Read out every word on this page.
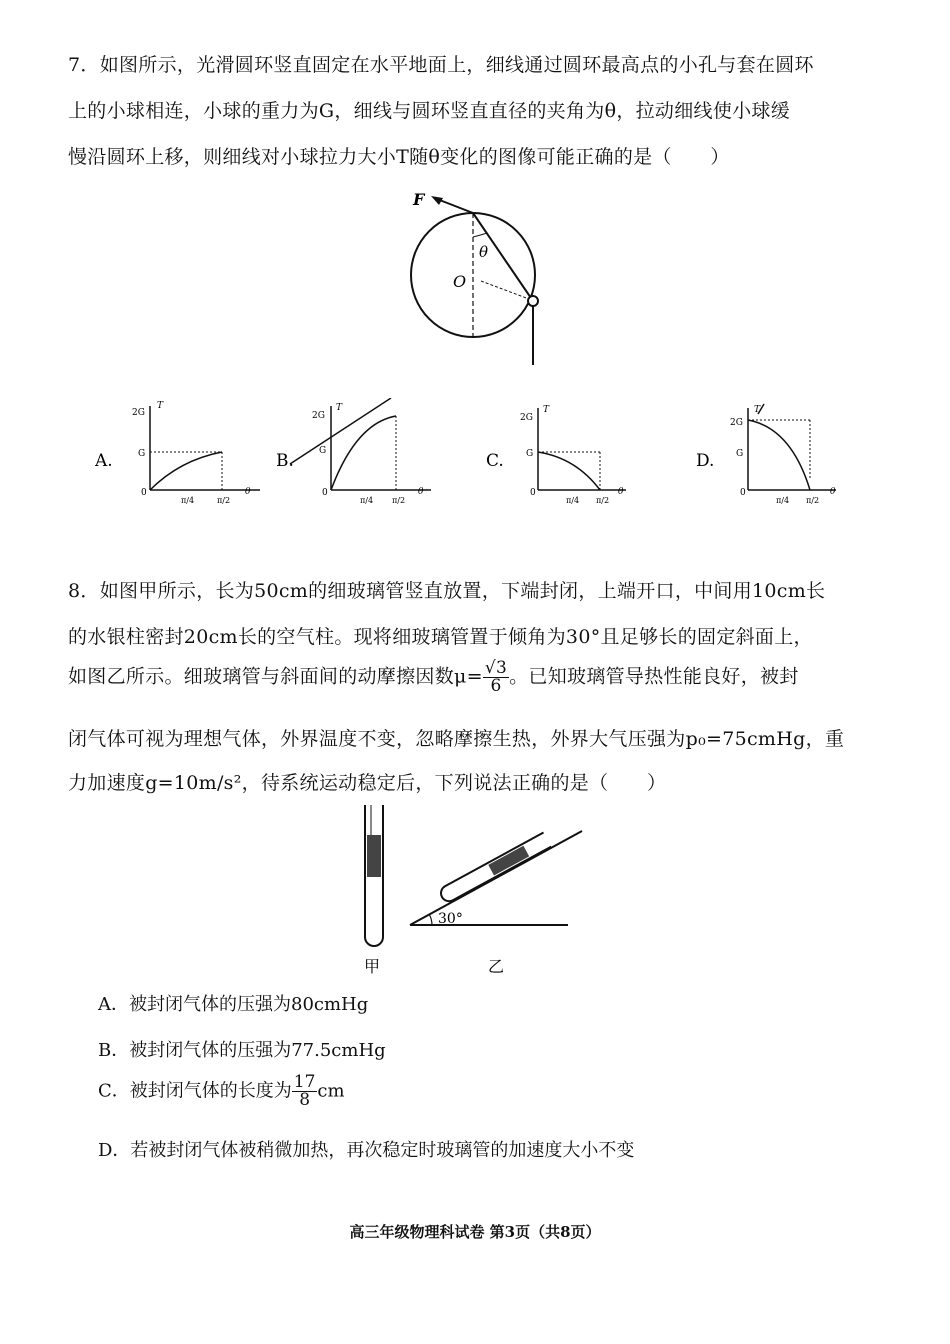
7．如图所示，光滑圆环竖直固定在水平地面上，细线通过圆环最高点的小孔与套在圆环
上的小球相连，小球的重力为G，细线与圆环竖直直径的夹角为θ，拉动细线使小球缓
慢沿圆环上移，则细线对小球拉力大小T随θ变化的图像可能正确的是（　　）
F
θ
O
A.
T
2G
G
0	θ
π/4	π/2
B.
T
2G
G
0	θ
π/4 π/2
C.
T
2G
G
0	θ
π/4 π/2
D.
T
2G
G
0	θ
π/4 π/2
8．如图甲所示，长为50cm的细玻璃管竖直放置，下端封闭，上端开口，中间用10cm长
的水银柱密封20cm长的空气柱。现将细玻璃管置于倾角为30°且足够长的固定斜面上，
如图乙所示。细玻璃管与斜面间的动摩擦因数$\mu= \frac{√3}{6}$ 。已知玻璃管导热性能良好，被封
闭气体可视为理想气体，外界温度不变，忽略摩擦生热，外界大气压强为p₀=75cmHg，重
力加速度g=10m/s²，待系统运动稳定后，下列说法正确的是（　　）
甲
30°
乙
A．被封闭气体的压强为80cmHg
B．被封闭气体的压强为77.5cmHg
C．被封闭气体的长度为 $\frac{17}{8}$ cm
D．若被封闭气体被稍微加热，再次稳定时玻璃管的加速度大小不变
高三年级物理科试卷 第3页（共8页）
